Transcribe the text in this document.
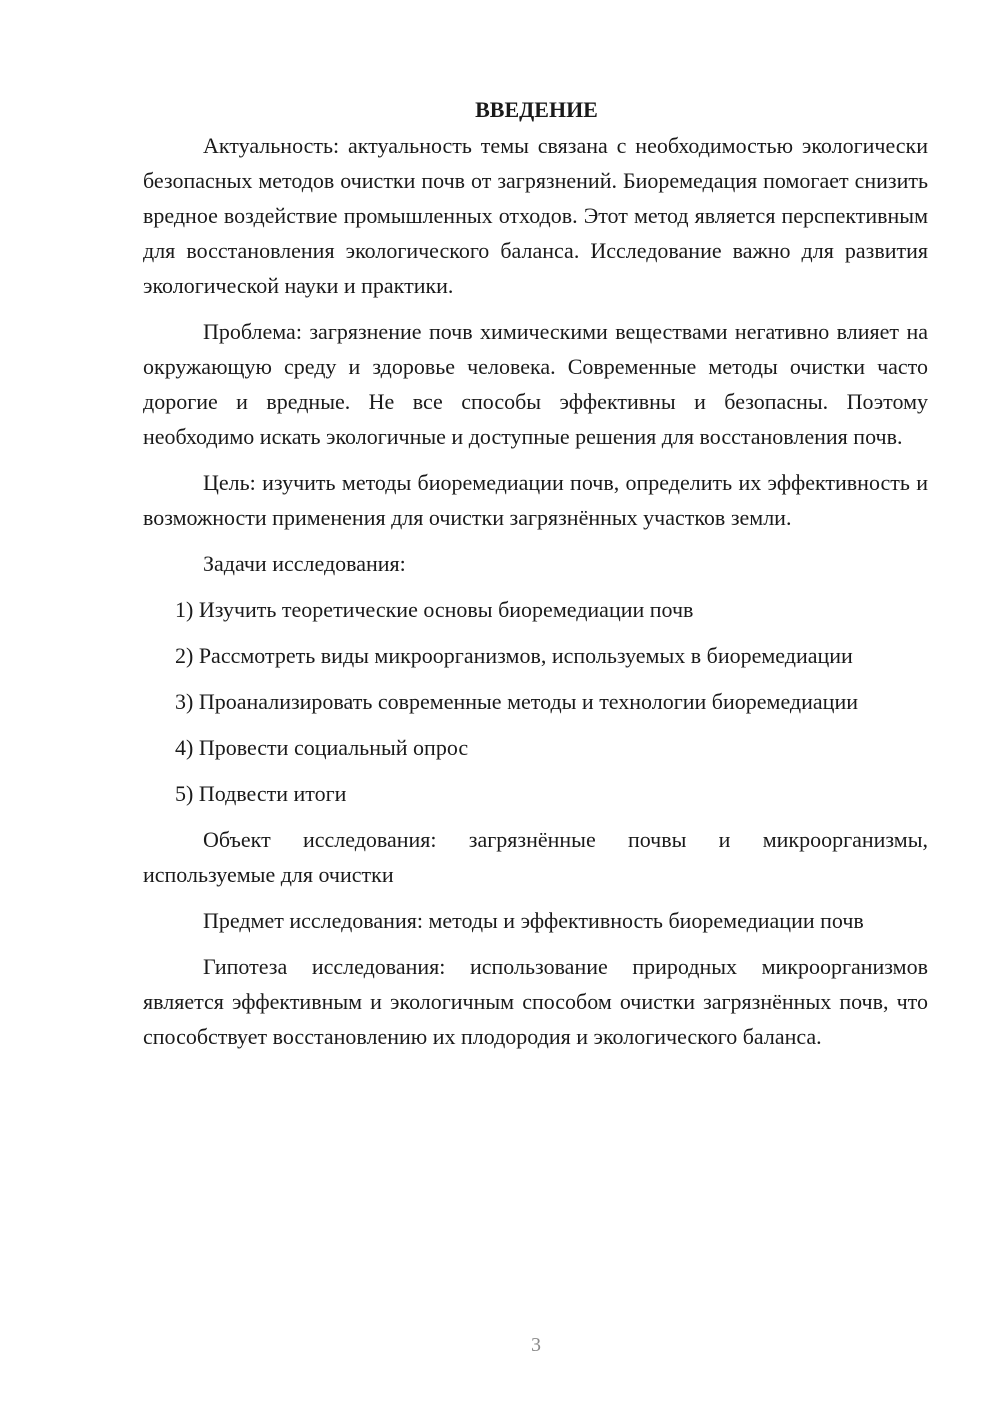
ВВЕДЕНИЕ

Актуальность: актуальность темы связана с необходимостью экологически безопасных методов очистки почв от загрязнений. Биоремедация помогает снизить вредное воздействие промышленных отходов. Этот метод является перспективным для восстановления экологического баланса. Исследование важно для развития экологической науки и практики.

Проблема: загрязнение почв химическими веществами негативно влияет на окружающую среду и здоровье человека. Современные методы очистки часто дорогие и вредные. Не все способы эффективны и безопасны. Поэтому необходимо искать экологичные и доступные решения для восстановления почв.

Цель: изучить методы биоремедиации почв, определить их эффективность и возможности применения для очистки загрязнённых участков земли.

Задачи исследования:

1) Изучить теоретические основы биоремедиации почв

2) Рассмотреть виды микроорганизмов, используемых в биоремедиации

3) Проанализировать современные методы и технологии биоремедиации

4) Провести социальный опрос

5) Подвести итоги

Объект исследования: загрязнённые почвы и микроорганизмы, используемые для очистки

Предмет исследования: методы и эффективность биоремедиации почв

Гипотеза исследования: использование природных микроорганизмов является эффективным и экологичным способом очистки загрязнённых почв, что способствует восстановлению их плодородия и экологического баланса.

3
